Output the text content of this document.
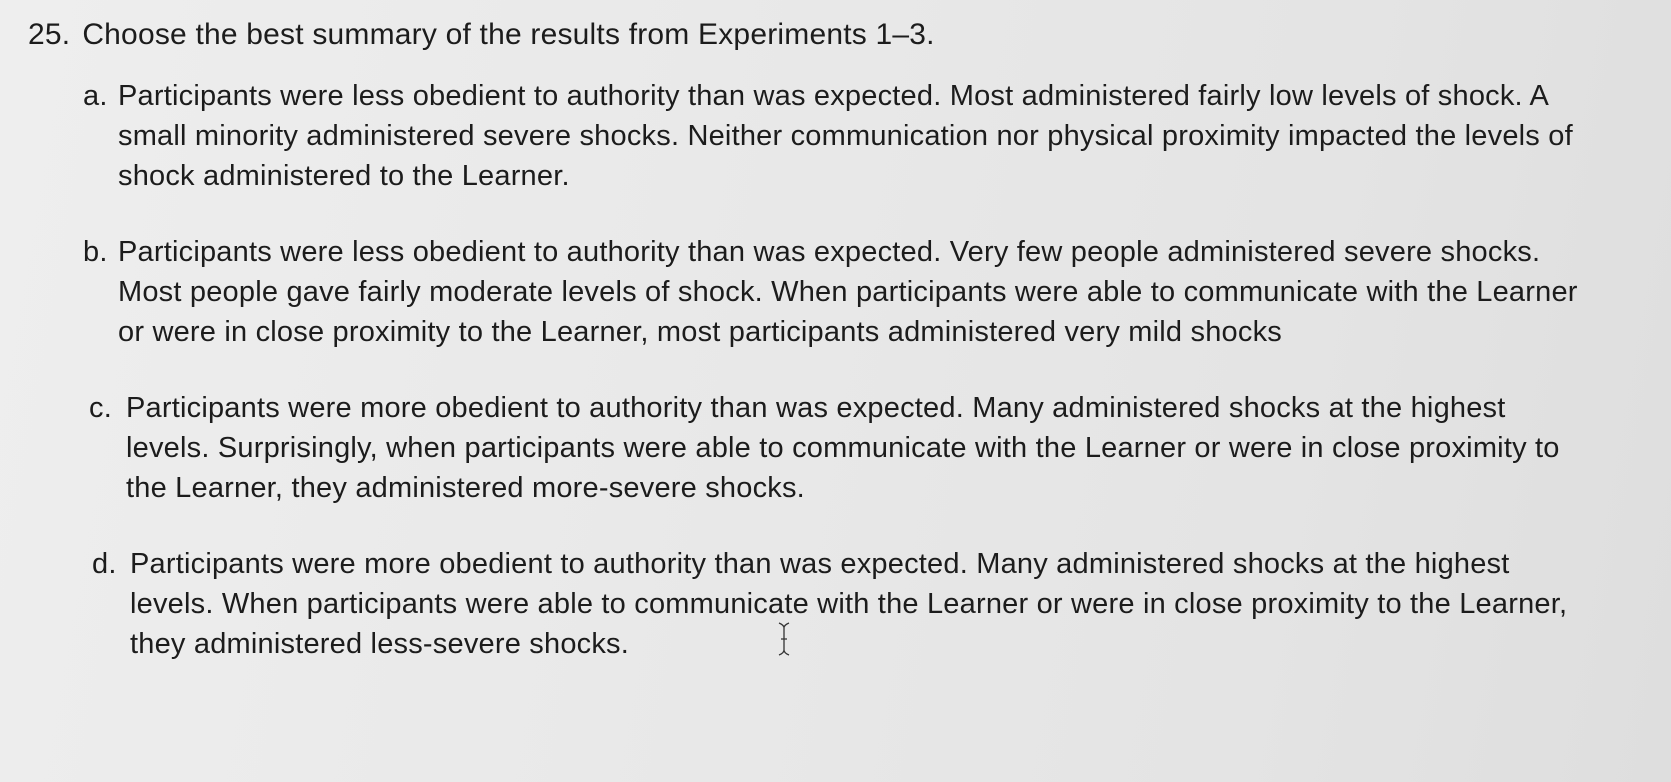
25. Choose the best summary of the results from Experiments 1–3.
a. Participants were less obedient to authority than was expected. Most administered fairly low levels of shock. A small minority administered severe shocks. Neither communication nor physical proximity impacted the levels of shock administered to the Learner.
b. Participants were less obedient to authority than was expected. Very few people administered severe shocks. Most people gave fairly moderate levels of shock. When participants were able to communicate with the Learner or were in close proximity to the Learner, most participants administered very mild shocks
c. Participants were more obedient to authority than was expected. Many administered shocks at the highest levels. Surprisingly, when participants were able to communicate with the Learner or were in close proximity to the Learner, they administered more-severe shocks.
d. Participants were more obedient to authority than was expected. Many administered shocks at the highest levels. When participants were able to communicate with the Learner or were in close proximity to the Learner, they administered less-severe shocks.
